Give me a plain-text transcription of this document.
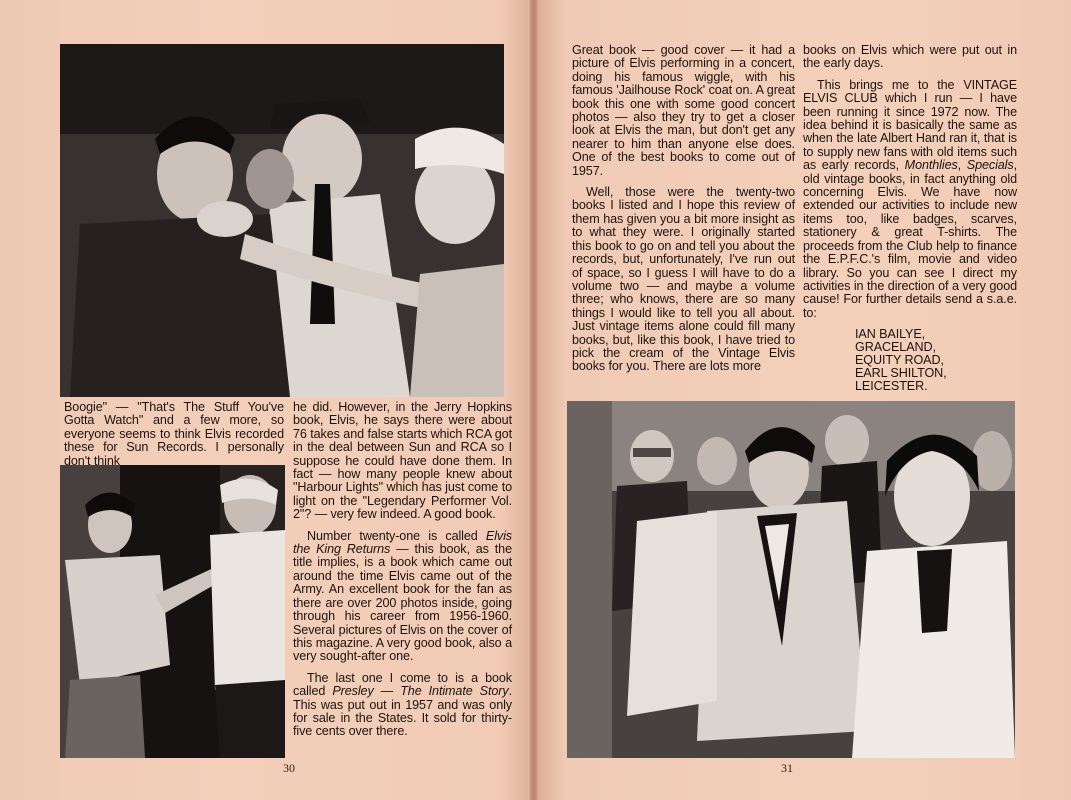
Boogie" — "That's The Stuff You've Gotta Watch" and a few more, so everyone seems to think Elvis recorded these for Sun Records. I personally don't think

he did. However, in the Jerry Hopkins book, Elvis, he says there were about 76 takes and false starts which RCA got in the deal between Sun and RCA so I suppose he could have done them. In fact — how many people knew about "Harbour Lights" which has just come to light on the "Legendary Performer Vol. 2"? — very few indeed. A good book.

Number twenty-one is called Elvis the King Returns — this book, as the title implies, is a book which came out around the time Elvis came out of the Army. An excellent book for the fan as there are over 200 photos inside, going through his career from 1956-1960. Several pictures of Elvis on the cover of this magazine. A very good book, also a very sought-after one.

The last one I come to is a book called Presley — The Intimate Story. This was put out in 1957 and was only for sale in the States. It sold for thirty-five cents over there.

Great book — good cover — it had a picture of Elvis performing in a concert, doing his famous wiggle, with his famous 'Jailhouse Rock' coat on. A great book this one with some good concert photos — also they try to get a closer look at Elvis the man, but don't get any nearer to him than anyone else does. One of the best books to come out of 1957.

Well, those were the twenty-two books I listed and I hope this review of them has given you a bit more insight as to what they were. I originally started this book to go on and tell you about the records, but, unfortunately, I've run out of space, so I guess I will have to do a volume two — and maybe a volume three; who knows, there are so many things I would like to tell you all about. Just vintage items alone could fill many books, but, like this book, I have tried to pick the cream of the Vintage Elvis books for you. There are lots more

books on Elvis which were put out in the early days.

This brings me to the VINTAGE ELVIS CLUB which I run — I have been running it since 1972 now. The idea behind it is basically the same as when the late Albert Hand ran it, that is to supply new fans with old items such as early records, Monthlies, Specials, old vintage books, in fact anything old concerning Elvis. We have now extended our activities to include new items too, like badges, scarves, stationery & great T-shirts. The proceeds from the Club help to finance the E.P.F.C.'s film, movie and video library. So you can see I direct my activities in the direction of a very good cause! For further details send a s.a.e. to:

IAN BAILYE,
GRACELAND,
EQUITY ROAD,
EARL SHILTON,
LEICESTER.
30	31
